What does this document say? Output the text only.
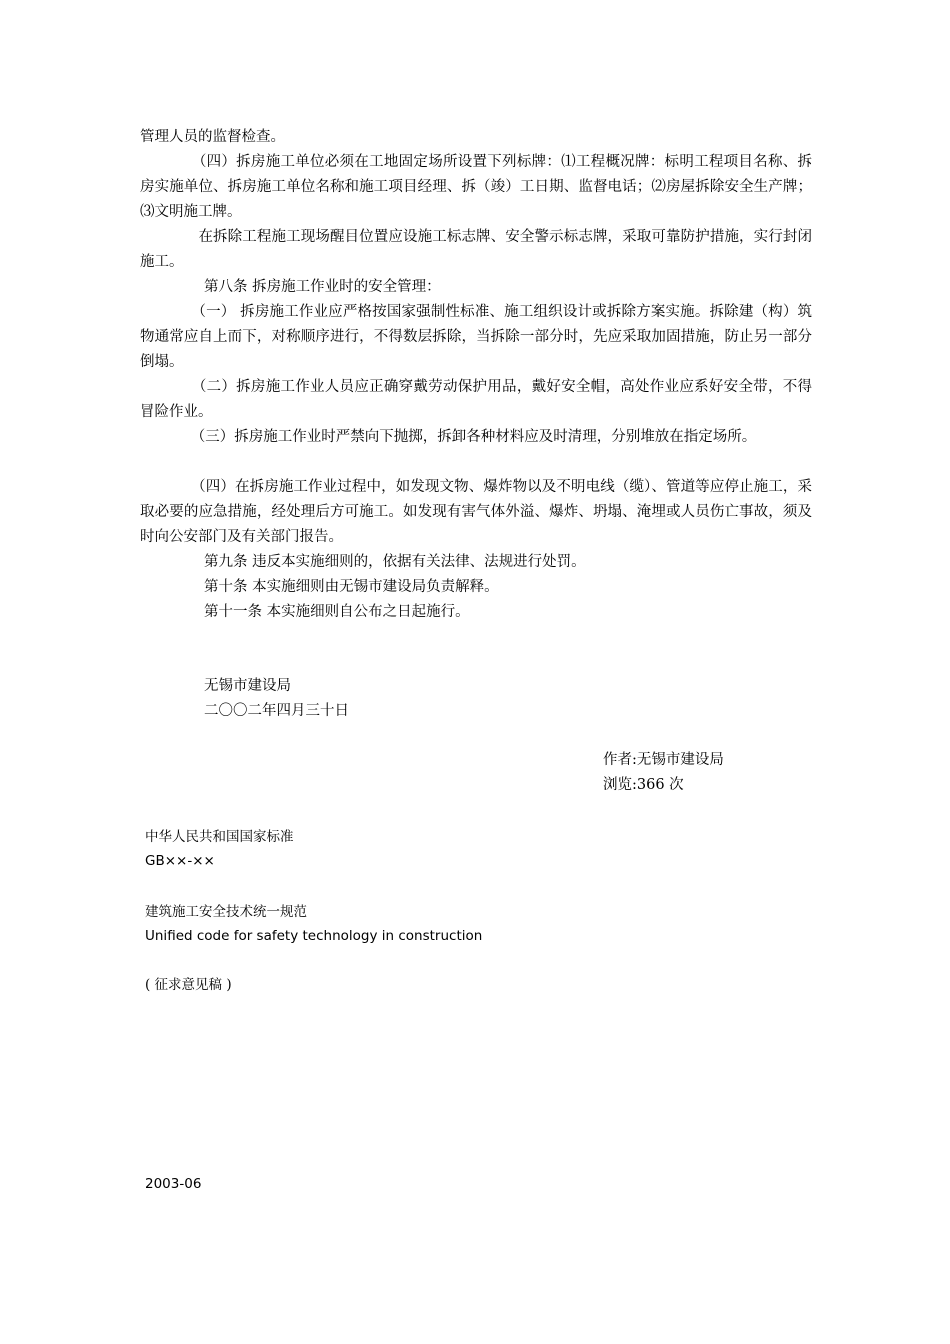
管理人员的监督检查。
　　　　（四）拆房施工单位必须在工地固定场所设置下列标牌：⑴工程概况牌：标明工程项目名称、拆房实施单位、拆房施工单位名称和施工项目经理、拆（竣）工日期、监督电话；⑵房屋拆除安全生产牌；⑶文明施工牌。
　　　　在拆除工程施工现场醒目位置应设施工标志牌、安全警示标志牌，采取可靠防护措施，实行封闭施工。
第八条 拆房施工作业时的安全管理：
　　　　（一） 拆房施工作业应严格按国家强制性标准、施工组织设计或拆除方案实施。拆除建（构）筑物通常应自上而下，对称顺序进行，不得数层拆除，当拆除一部分时，先应采取加固措施，防止另一部分倒塌。
　　　　（二）拆房施工作业人员应正确穿戴劳动保护用品，戴好安全帽，高处作业应系好安全带，不得冒险作业。
　　　　（三）拆房施工作业时严禁向下抛掷，拆卸各种材料应及时清理，分别堆放在指定场所。
　　　　（四）在拆房施工作业过程中，如发现文物、爆炸物以及不明电线（缆）、管道等应停止施工，采取必要的应急措施，经处理后方可施工。如发现有害气体外溢、爆炸、坍塌、淹埋或人员伤亡事故，须及时向公安部门及有关部门报告。
第九条 违反本实施细则的，依据有关法律、法规进行处罚。
第十条 本实施细则由无锡市建设局负责解释。
第十一条 本实施细则自公布之日起施行。
无锡市建设局
二〇〇二年四月三十日
作者:无锡市建设局
浏览:366 次
中华人民共和国国家标准
GB××-××
建筑施工安全技术统一规范
Unified code for safety technology in construction
( 征求意见稿 )
2003-06
